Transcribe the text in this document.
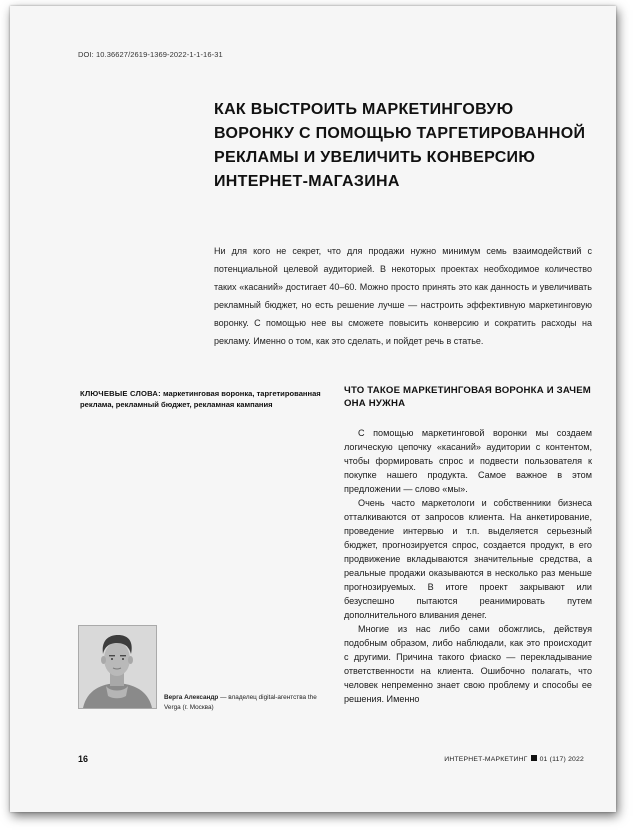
DOI: 10.36627/2619-1369-2022-1-1-16-31
КАК ВЫСТРОИТЬ МАРКЕТИНГОВУЮ ВОРОНКУ С ПОМОЩЬЮ ТАРГЕТИРОВАННОЙ РЕКЛАМЫ И УВЕЛИЧИТЬ КОНВЕРСИЮ ИНТЕРНЕТ-МАГАЗИНА

Ни для кого не секрет, что для продажи нужно минимум семь взаимодействий с потенциальной целевой аудиторией. В некоторых проектах необходимое количество таких «касаний» достигает 40–60. Можно просто принять это как данность и увеличивать рекламный бюджет, но есть решение лучше — настроить эффективную маркетинговую воронку. С помощью нее вы сможете повысить конверсию и сократить расходы на рекламу. Именно о том, как это сделать, и пойдет речь в статье.

КЛЮЧЕВЫЕ СЛОВА: маркетинговая воронка, таргетированная реклама, рекламный бюджет, рекламная кампания
ЧТО ТАКОЕ МАРКЕТИНГОВАЯ ВОРОНКА И ЗАЧЕМ ОНА НУЖНА

С помощью маркетинговой воронки мы создаем логическую цепочку «касаний» аудитории с контентом, чтобы формировать спрос и подвести пользователя к покупке нашего продукта. Самое важное в этом предложении — слово «мы».

Очень часто маркетологи и собственники бизнеса отталкиваются от запросов клиента. На анкетирование, проведение интервью и т.п. выделяется серьезный бюджет, прогнозируется спрос, создается продукт, в его продвижение вкладываются значительные средства, а реальные продажи оказываются в несколько раз меньше прогнозируемых. В итоге проект закрывают или безуспешно пытаются реанимировать путем дополнительного вливания денег.

Многие из нас либо сами обожглись, действуя подобным образом, либо наблюдали, как это происходит с другими. Причина такого фиаско — перекладывание ответственности на клиента. Ошибочно полагать, что человек непременно знает свою проблему и способы ее решения. Именно

Верга Александр — владелец digital-агентства the Verga (г. Москва)
16	ИНТЕРНЕТ-МАРКЕТИНГ 01 (117) 2022
